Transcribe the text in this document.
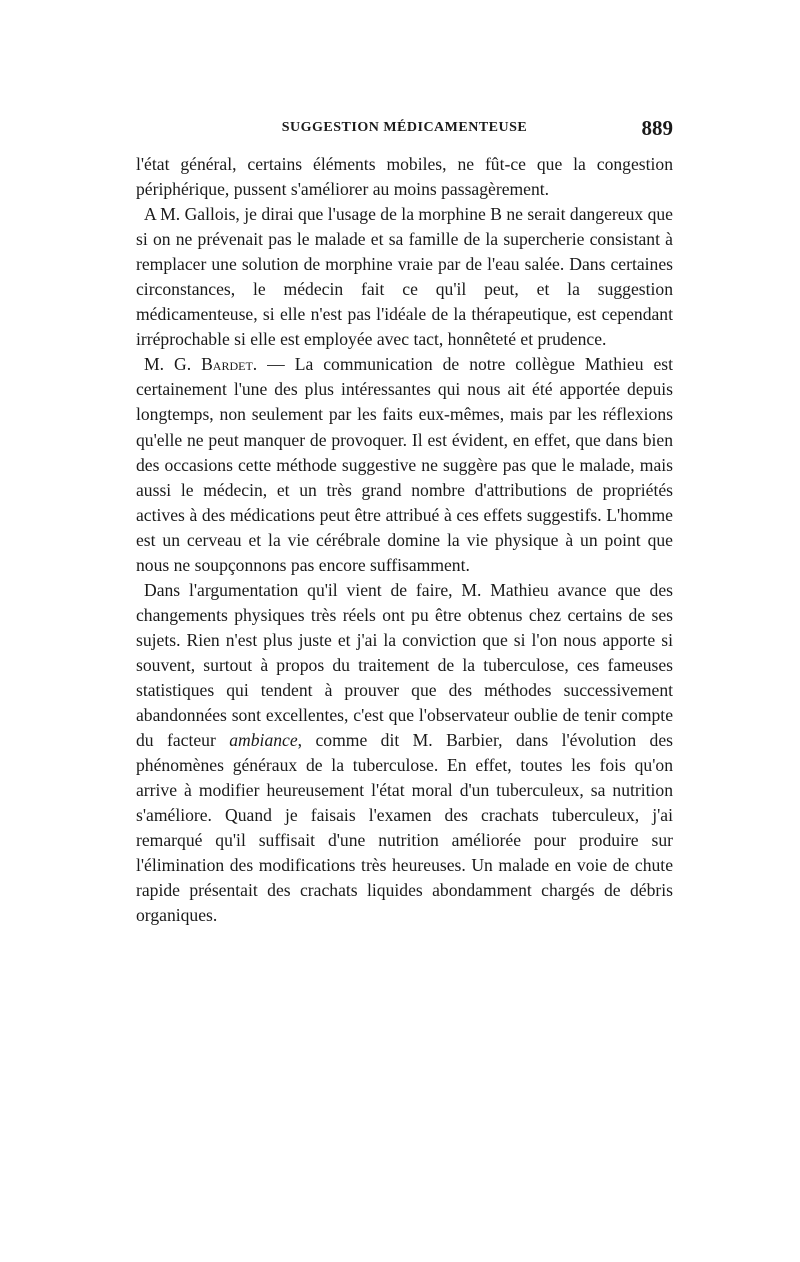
SUGGESTION MÉDICAMENTEUSE	889

l'état général, certains éléments mobiles, ne fût-ce que la congestion périphérique, pussent s'améliorer au moins passagèrement.

A M. Gallois, je dirai que l'usage de la morphine B ne serait dangereux que si on ne prévenait pas le malade et sa famille de la supercherie consistant à remplacer une solution de morphine vraie par de l'eau salée. Dans certaines circonstances, le médecin fait ce qu'il peut, et la suggestion médicamenteuse, si elle n'est pas l'idéale de la thérapeutique, est cependant irréprochable si elle est employée avec tact, honnêteté et prudence.

M. G. Bardet. — La communication de notre collègue Mathieu est certainement l'une des plus intéressantes qui nous ait été apportée depuis longtemps, non seulement par les faits eux-mêmes, mais par les réflexions qu'elle ne peut manquer de provoquer. Il est évident, en effet, que dans bien des occasions cette méthode suggestive ne suggère pas que le malade, mais aussi le médecin, et un très grand nombre d'attributions de propriétés actives à des médications peut être attribué à ces effets suggestifs. L'homme est un cerveau et la vie cérébrale domine la vie physique à un point que nous ne soupçonnons pas encore suffisamment.

Dans l'argumentation qu'il vient de faire, M. Mathieu avance que des changements physiques très réels ont pu être obtenus chez certains de ses sujets. Rien n'est plus juste et j'ai la conviction que si l'on nous apporte si souvent, surtout à propos du traitement de la tuberculose, ces fameuses statistiques qui tendent à prouver que des méthodes successivement abandonnées sont excellentes, c'est que l'observateur oublie de tenir compte du facteur ambiance, comme dit M. Barbier, dans l'évolution des phénomènes généraux de la tuberculose. En effet, toutes les fois qu'on arrive à modifier heureusement l'état moral d'un tuberculeux, sa nutrition s'améliore. Quand je faisais l'examen des crachats tuberculeux, j'ai remarqué qu'il suffisait d'une nutrition améliorée pour produire sur l'élimination des modifications très heureuses. Un malade en voie de chute rapide présentait des crachats liquides abondamment chargés de débris organiques.
